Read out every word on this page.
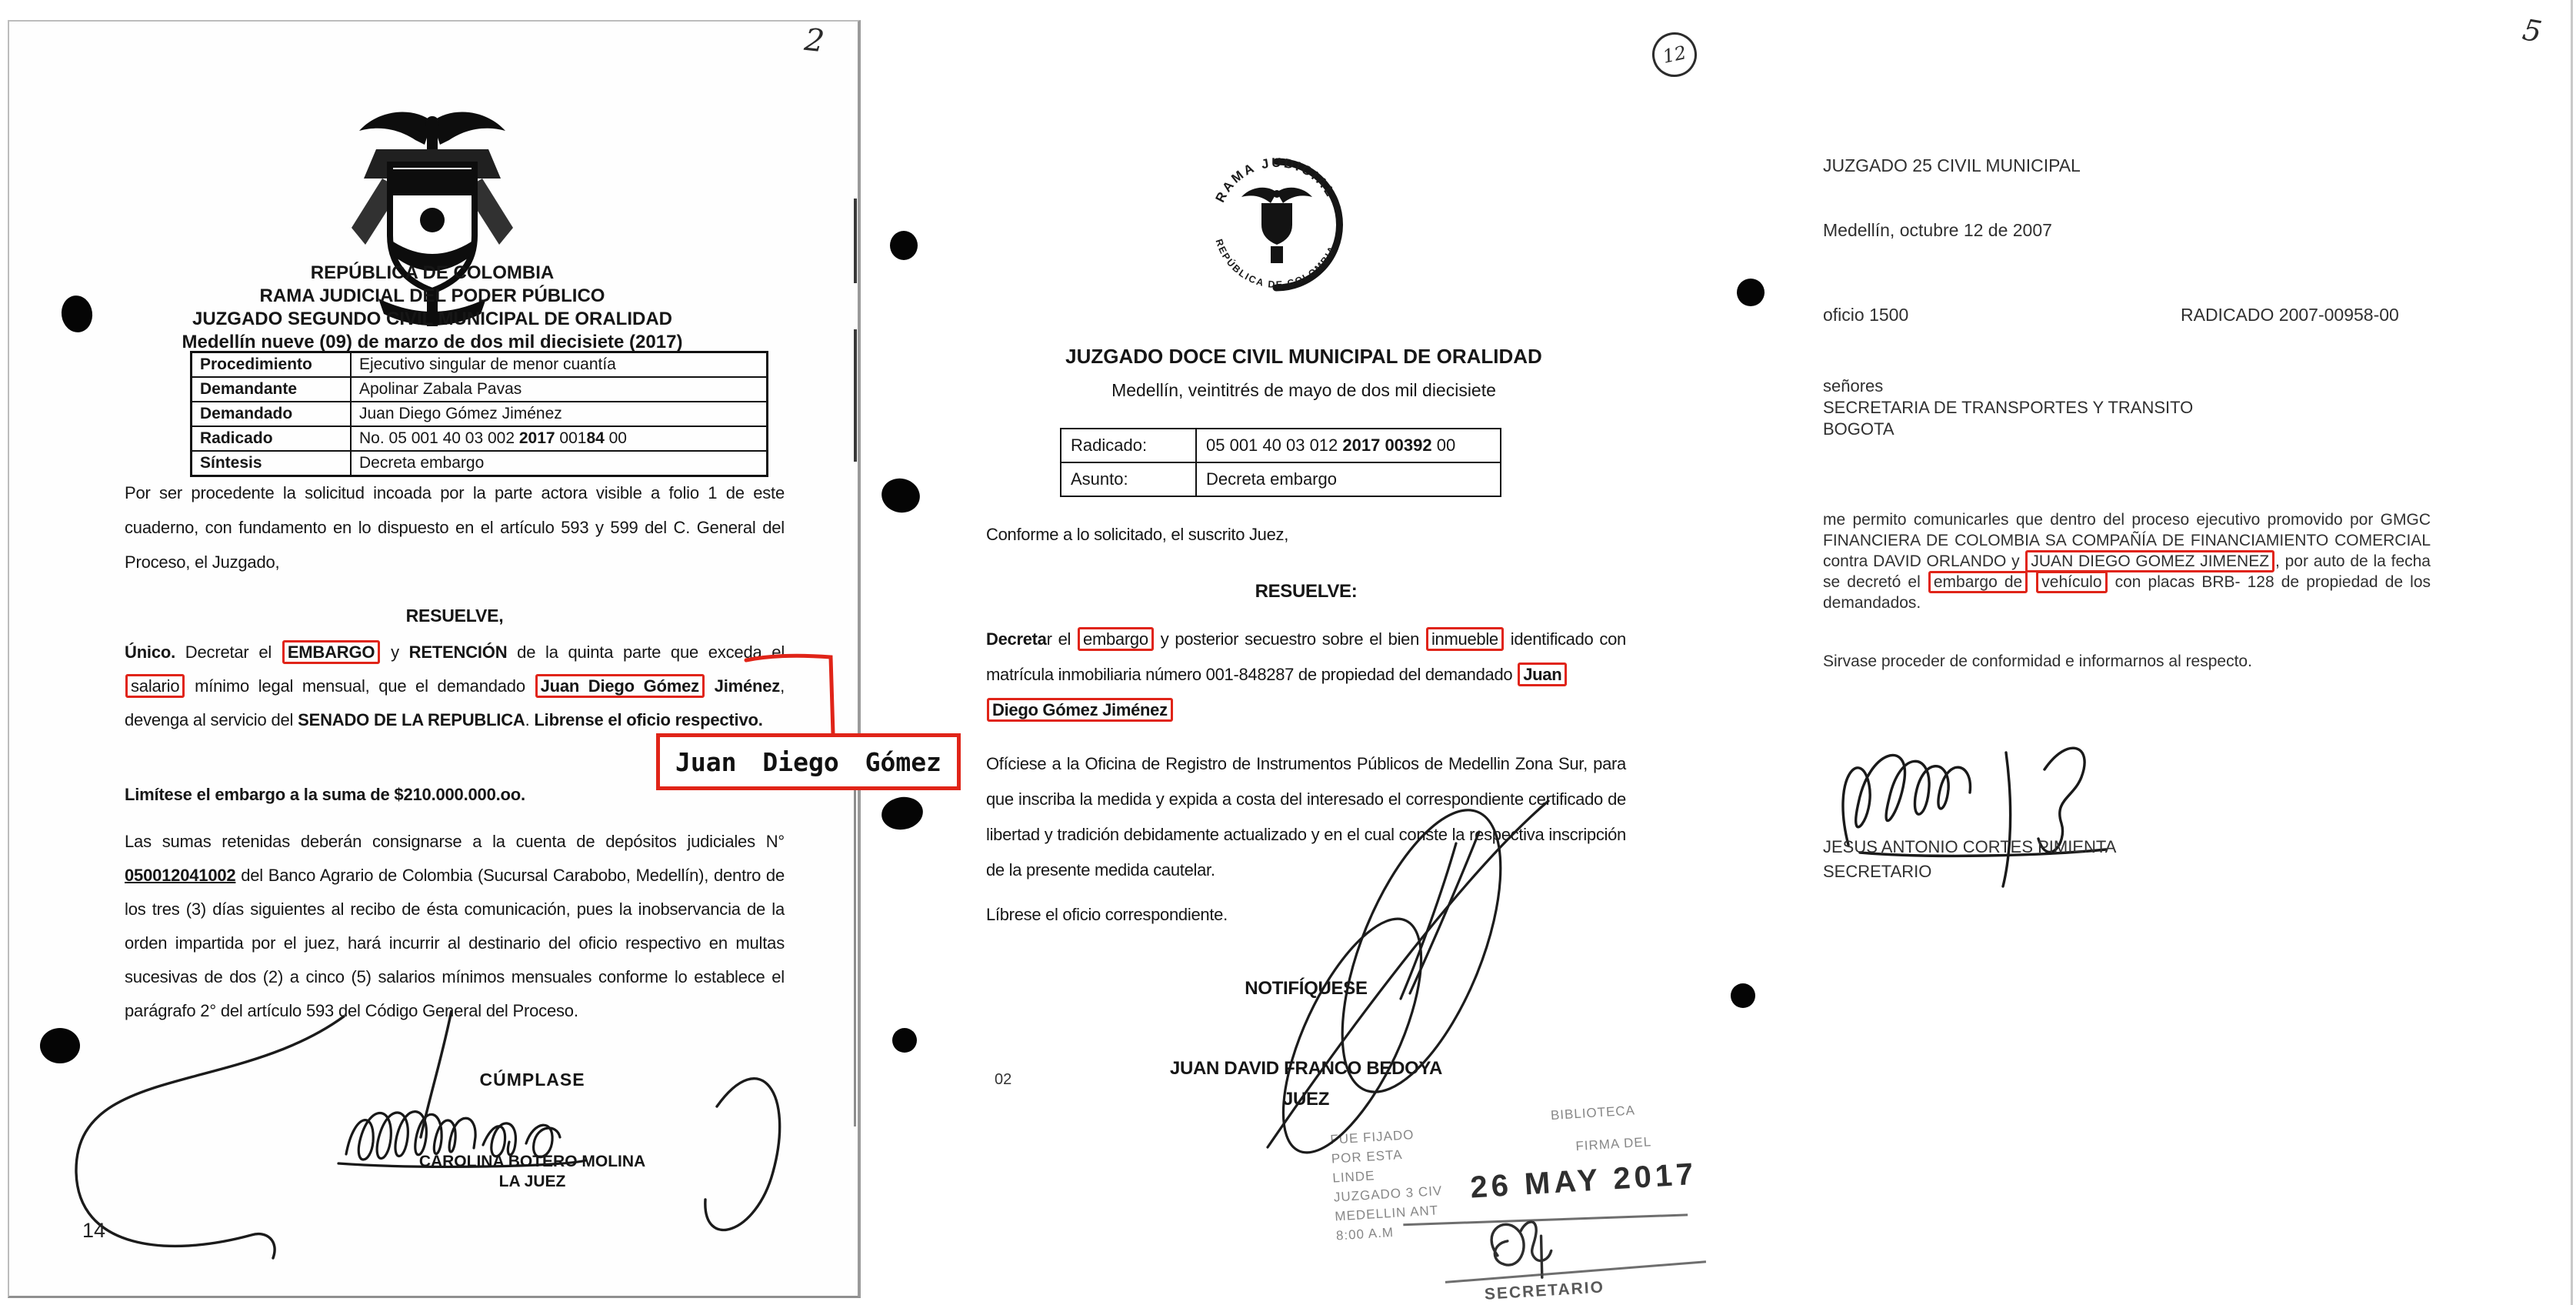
REPÚBLICA DE COLOMBIA
RAMA JUDICIAL DEL PODER PÚBLICO
JUZGADO SEGUNDO CIVIL MUNICIPAL DE ORALIDAD
Medellín nueve (09) de marzo de dos mil diecisiete (2017)
Procedimiento	Ejecutivo singular de menor cuantía
Demandante	Apolinar Zabala Pavas
Demandado	Juan Diego Gómez Jiménez
Radicado	No. 05 001 40 03 002 2017 00184 00
Síntesis	Decreta embargo
Por ser procedente la solicitud incoada por la parte actora visible a folio 1 de este cuaderno, con fundamento en lo dispuesto en el artículo 593 y 599 del C. General del Proceso, el Juzgado,
RESUELVE,
Único. Decretar el EMBARGO y RETENCIÓN de la quinta parte que exceda el salario mínimo legal mensual, que el demandado Juan Diego Gómez Jiménez, devenga al servicio del SENADO DE LA REPUBLICA. Librense el oficio respectivo.
Limítese el embargo a la suma de $210.000.000.oo.
Las sumas retenidas deberán consignarse a la cuenta de depósitos judiciales N° 050012041002 del Banco Agrario de Colombia (Sucursal Carabobo, Medellín), dentro de los tres (3) días siguientes al recibo de ésta comunicación, pues la inobservancia de la orden impartida por el juez, hará incurrir al destinario del oficio respectivo en multas sucesivas de dos (2) a cinco (5) salarios mínimos mensuales conforme lo establece el parágrafo 2° del artículo 593 del Código General del Proceso.
CÚMPLASE
CAROLINA BOTERO MOLINA
LA JUEZ
14
2	12
5
Juan Diego Gómez
RAMA JUDICIAL
REPÚBLICA DE COLOMBIA
JUZGADO DOCE CIVIL MUNICIPAL DE ORALIDAD
Medellín, veintitrés de mayo de dos mil diecisiete
Radicado:	05 001 40 03 012 2017 00392 00
Asunto:	Decreta embargo
Conforme a lo solicitado, el suscrito Juez,
RESUELVE:
Decretar el embargo y posterior secuestro sobre el bien inmueble identificado con matrícula inmobiliaria número 001-848287 de propiedad del demandado Juan
Diego Gómez Jiménez
Ofíciese a la Oficina de Registro de Instrumentos Públicos de Medellin Zona Sur, para que inscriba la medida y expida a costa del interesado el correspondiente certificado de libertad y tradición debidamente actualizado y en el cual conste la respectiva inscripción de la presente medida cautelar.
Líbrese el oficio correspondiente.
NOTIFÍQUESE
JUAN DAVID FRANCO BEDOYA
JUEZ
02
FUE FIJADO
POR ESTA
LINDE
JUZGADO 3 CIV
MEDELLIN ANT
8:00 A.M
BIBLIOTECA
FIRMA DEL
26 MAY 2017
SECRETARIO
JUZGADO 25 CIVIL MUNICIPAL
Medellín, octubre 12 de 2007
oficio 1500	RADICADO 2007-00958-00
señores
SECRETARIA DE TRANSPORTES Y TRANSITO
BOGOTA
me permito comunicarles que dentro del proceso ejecutivo promovido por GMGC FINANCIERA DE COLOMBIA SA COMPAÑÍA DE FINANCIAMIENTO COMERCIAL contra DAVID ORLANDO y JUAN DIEGO GOMEZ JIMENEZ , por auto de la fecha se decretó el embargo de vehículo con placas BRB- 128 de propiedad de los demandados.
Sirvase proceder de conformidad e informarnos al respecto.
JESUS ANTONIO CORTES PIMIENTA
SECRETARIO
